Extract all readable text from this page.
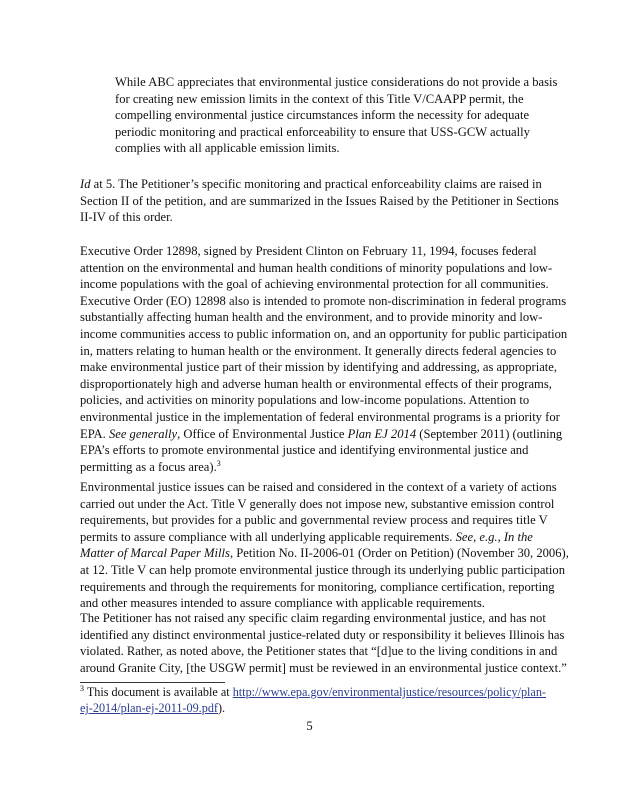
While ABC appreciates that environmental justice considerations do not provide a basis
for creating new emission limits in the context of this Title V/CAAPP permit, the
compelling environmental justice circumstances inform the necessity for adequate
periodic monitoring and practical enforceability to ensure that USS-GCW actually
complies with all applicable emission limits.
Id at 5. The Petitioner’s specific monitoring and practical enforceability claims are raised in
Section II of the petition, and are summarized in the Issues Raised by the Petitioner in Sections
II-IV of this order.
Executive Order 12898, signed by President Clinton on February 11, 1994, focuses federal
attention on the environmental and human health conditions of minority populations and low-
income populations with the goal of achieving environmental protection for all communities.
Executive Order (EO) 12898 also is intended to promote non-discrimination in federal programs
substantially affecting human health and the environment, and to provide minority and low-
income communities access to public information on, and an opportunity for public participation
in, matters relating to human health or the environment. It generally directs federal agencies to
make environmental justice part of their mission by identifying and addressing, as appropriate,
disproportionately high and adverse human health or environmental effects of their programs,
policies, and activities on minority populations and low-income populations. Attention to
environmental justice in the implementation of federal environmental programs is a priority for
EPA. See generally, Office of Environmental Justice Plan EJ 2014 (September 2011) (outlining
EPA’s efforts to promote environmental justice and identifying environmental justice and
permitting as a focus area).$^3$
Environmental justice issues can be raised and considered in the context of a variety of actions
carried out under the Act. Title V generally does not impose new, substantive emission control
requirements, but provides for a public and governmental review process and requires title V
permits to assure compliance with all underlying applicable requirements. See, e.g., In the
Matter of Marcal Paper Mills, Petition No. II-2006-01 (Order on Petition) (November 30, 2006),
at 12. Title V can help promote environmental justice through its underlying public participation
requirements and through the requirements for monitoring, compliance certification, reporting
and other measures intended to assure compliance with applicable requirements.
The Petitioner has not raised any specific claim regarding environmental justice, and has not
identified any distinct environmental justice-related duty or responsibility it believes Illinois has
violated. Rather, as noted above, the Petitioner states that “[d]ue to the living conditions in and
around Granite City, [the USGW permit] must be reviewed in an environmental justice context.”
$^3$ This document is available at http://www.epa.gov/environmentaljustice/resources/policy/plan-
ej-2014/plan-ej-2011-09.pdf).
5
